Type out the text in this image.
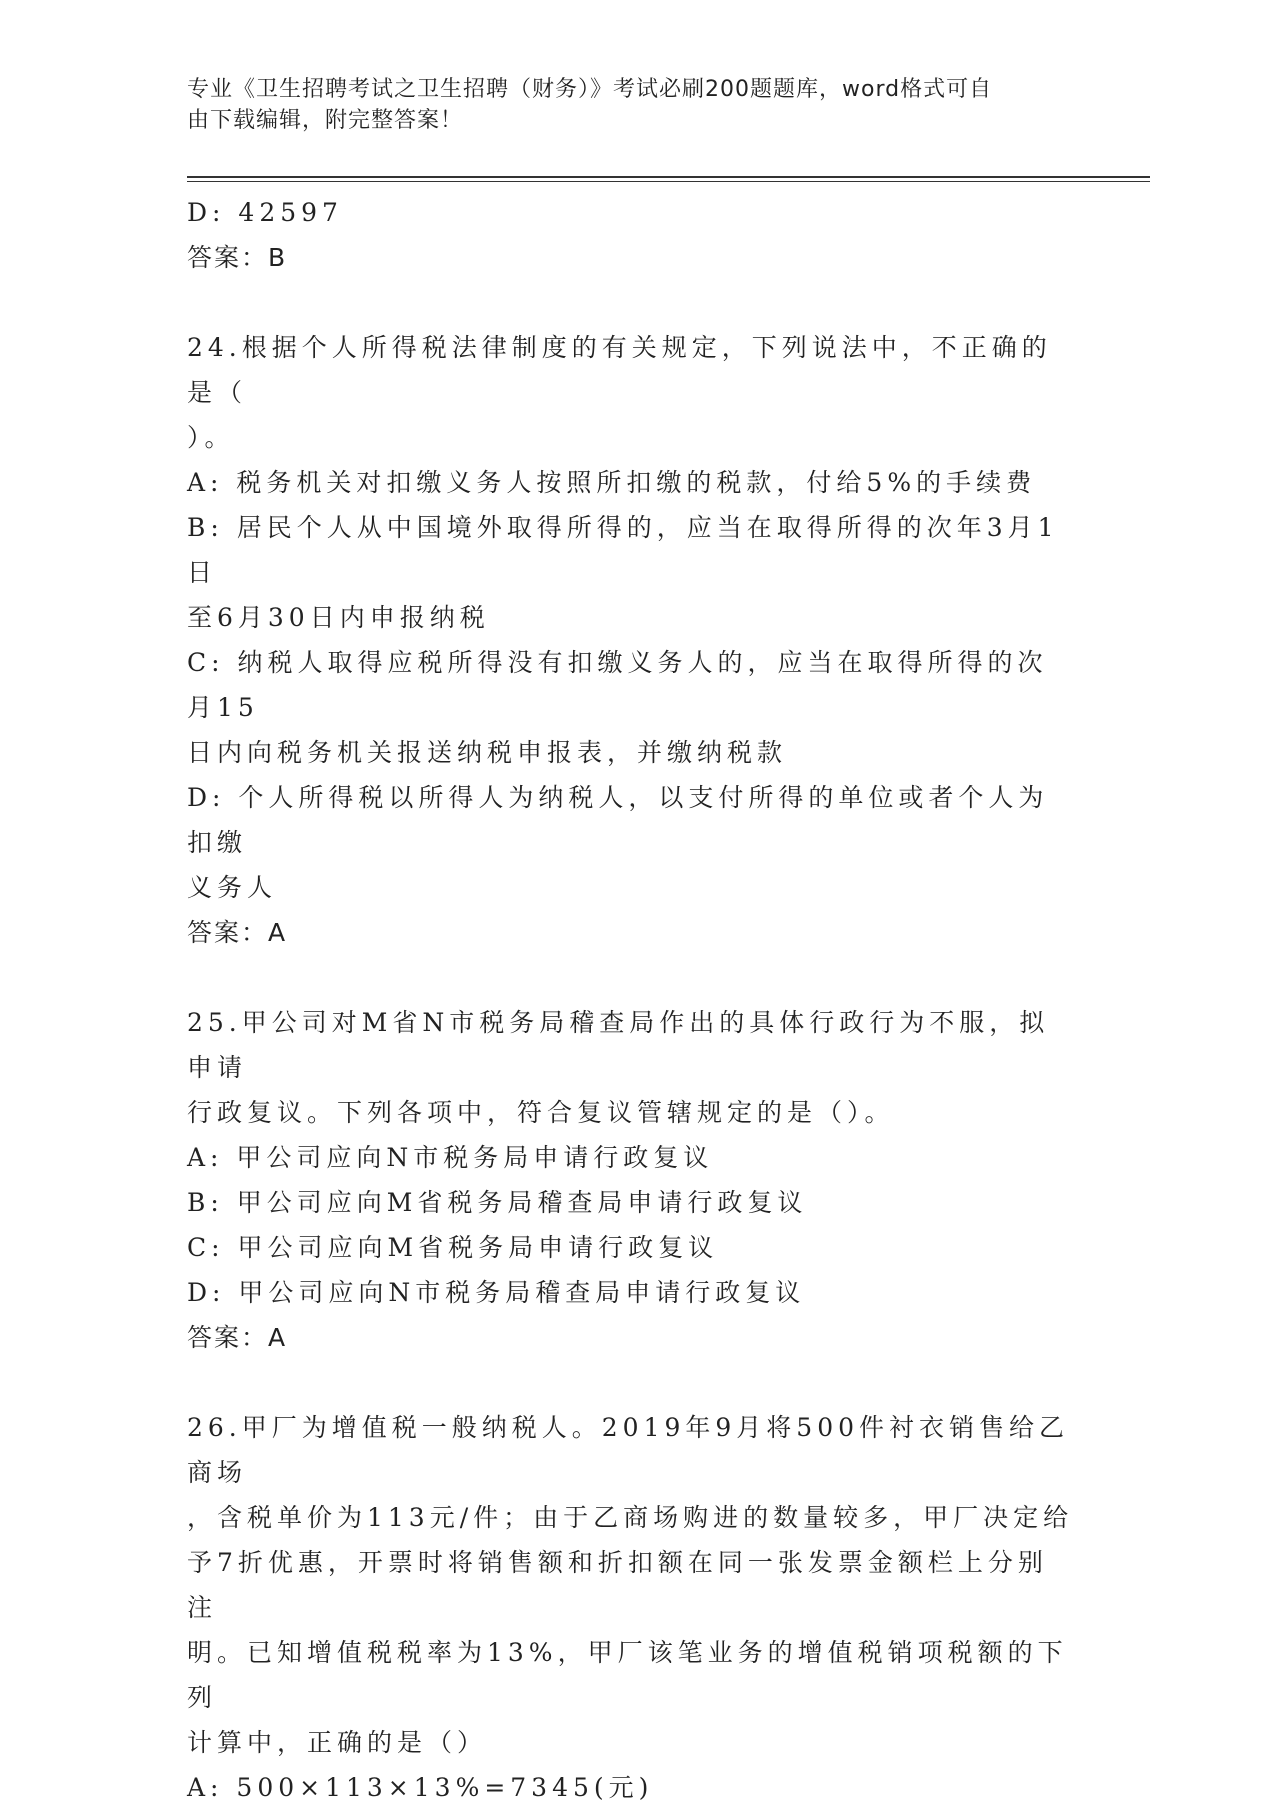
专业《卫生招聘考试之卫生招聘（财务）》考试必刷200题题库，word格式可自
由下载编辑，附完整答案！
D: 42597
答案：B
24.根据个人所得税法律制度的有关规定，下列说法中，不正确的是（
）。
A: 税务机关对扣缴义务人按照所扣缴的税款，付给5%的手续费
B: 居民个人从中国境外取得所得的，应当在取得所得的次年3月1日
至6月30日内申报纳税
C: 纳税人取得应税所得没有扣缴义务人的，应当在取得所得的次月15
日内向税务机关报送纳税申报表，并缴纳税款
D: 个人所得税以所得人为纳税人，以支付所得的单位或者个人为扣缴
义务人
答案：A
25.甲公司对M省N市税务局稽查局作出的具体行政行为不服，拟申请
行政复议。下列各项中，符合复议管辖规定的是（）。
A: 甲公司应向N市税务局申请行政复议
B: 甲公司应向M省税务局稽查局申请行政复议
C: 甲公司应向M省税务局申请行政复议
D: 甲公司应向N市税务局稽查局申请行政复议
答案：A
26.甲厂为增值税一般纳税人。2019年9月将500件衬衣销售给乙商场
，含税单价为113元/件；由于乙商场购进的数量较多，甲厂决定给
予7折优惠，开票时将销售额和折扣额在同一张发票金额栏上分别注
明。已知增值税税率为13%，甲厂该笔业务的增值税销项税额的下列
计算中，正确的是（）
A: 500×113×13%=7345(元)
